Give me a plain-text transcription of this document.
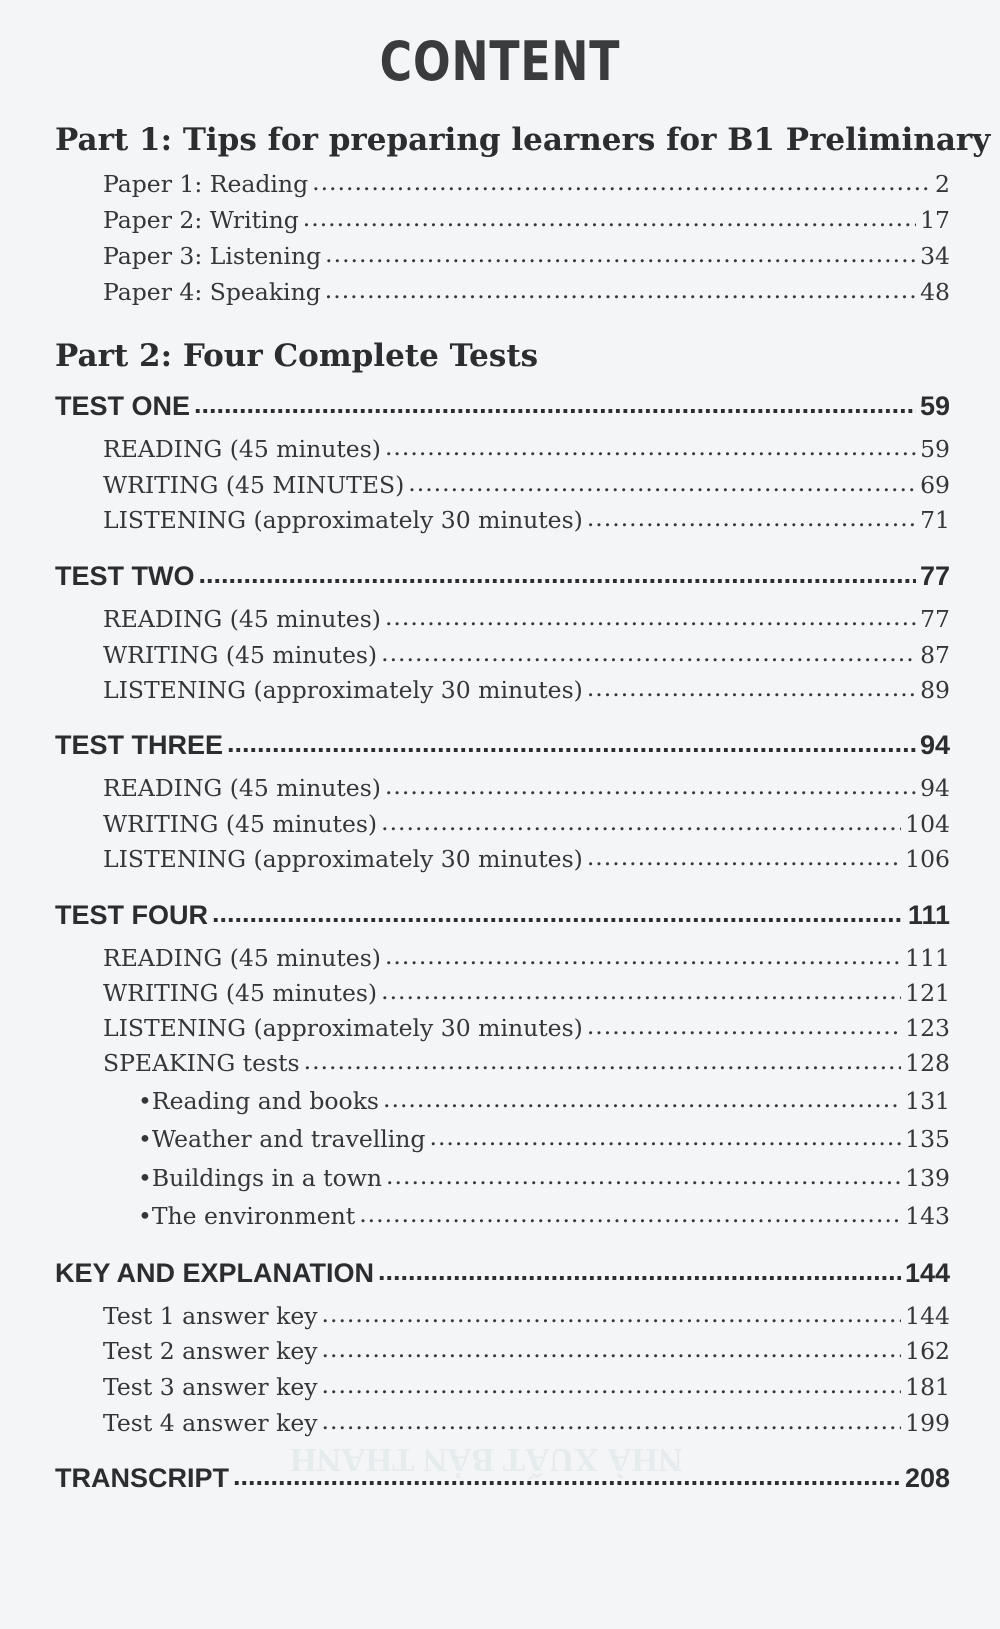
CONTENT
Part 1: Tips for preparing learners for B1 Preliminary
Paper 1: Reading .....	2
Paper 2: Writing .....	17
Paper 3: Listening .....	34
Paper 4: Speaking .....	48
Part 2: Four Complete Tests
TEST ONE .....	59
READING (45 minutes) .....	59
WRITING (45 MINUTES) .....	69
LISTENING (approximately 30 minutes) .....	71
TEST TWO .....	77
READING (45 minutes) .....	77
WRITING (45 minutes) .....	87
LISTENING (approximately 30 minutes) .....	89
TEST THREE .....	94
READING (45 minutes) .....	94
WRITING (45 minutes) .....	104
LISTENING (approximately 30 minutes) .....	106
TEST FOUR .....	111
READING (45 minutes) .....	111
WRITING (45 minutes) .....	121
LISTENING (approximately 30 minutes) .....	123
SPEAKING tests .....	128
• Reading and books .....	131
• Weather and travelling .....	135
• Buildings in a town .....	139
• The environment .....	143
KEY AND EXPLANATION .....	144
Test 1 answer key .....	144
Test 2 answer key .....	162
Test 3 answer key .....	181
Test 4 answer key .....	199
NHÀ XUẤT BẢN THANH
TRANSCRIPT .....	208
